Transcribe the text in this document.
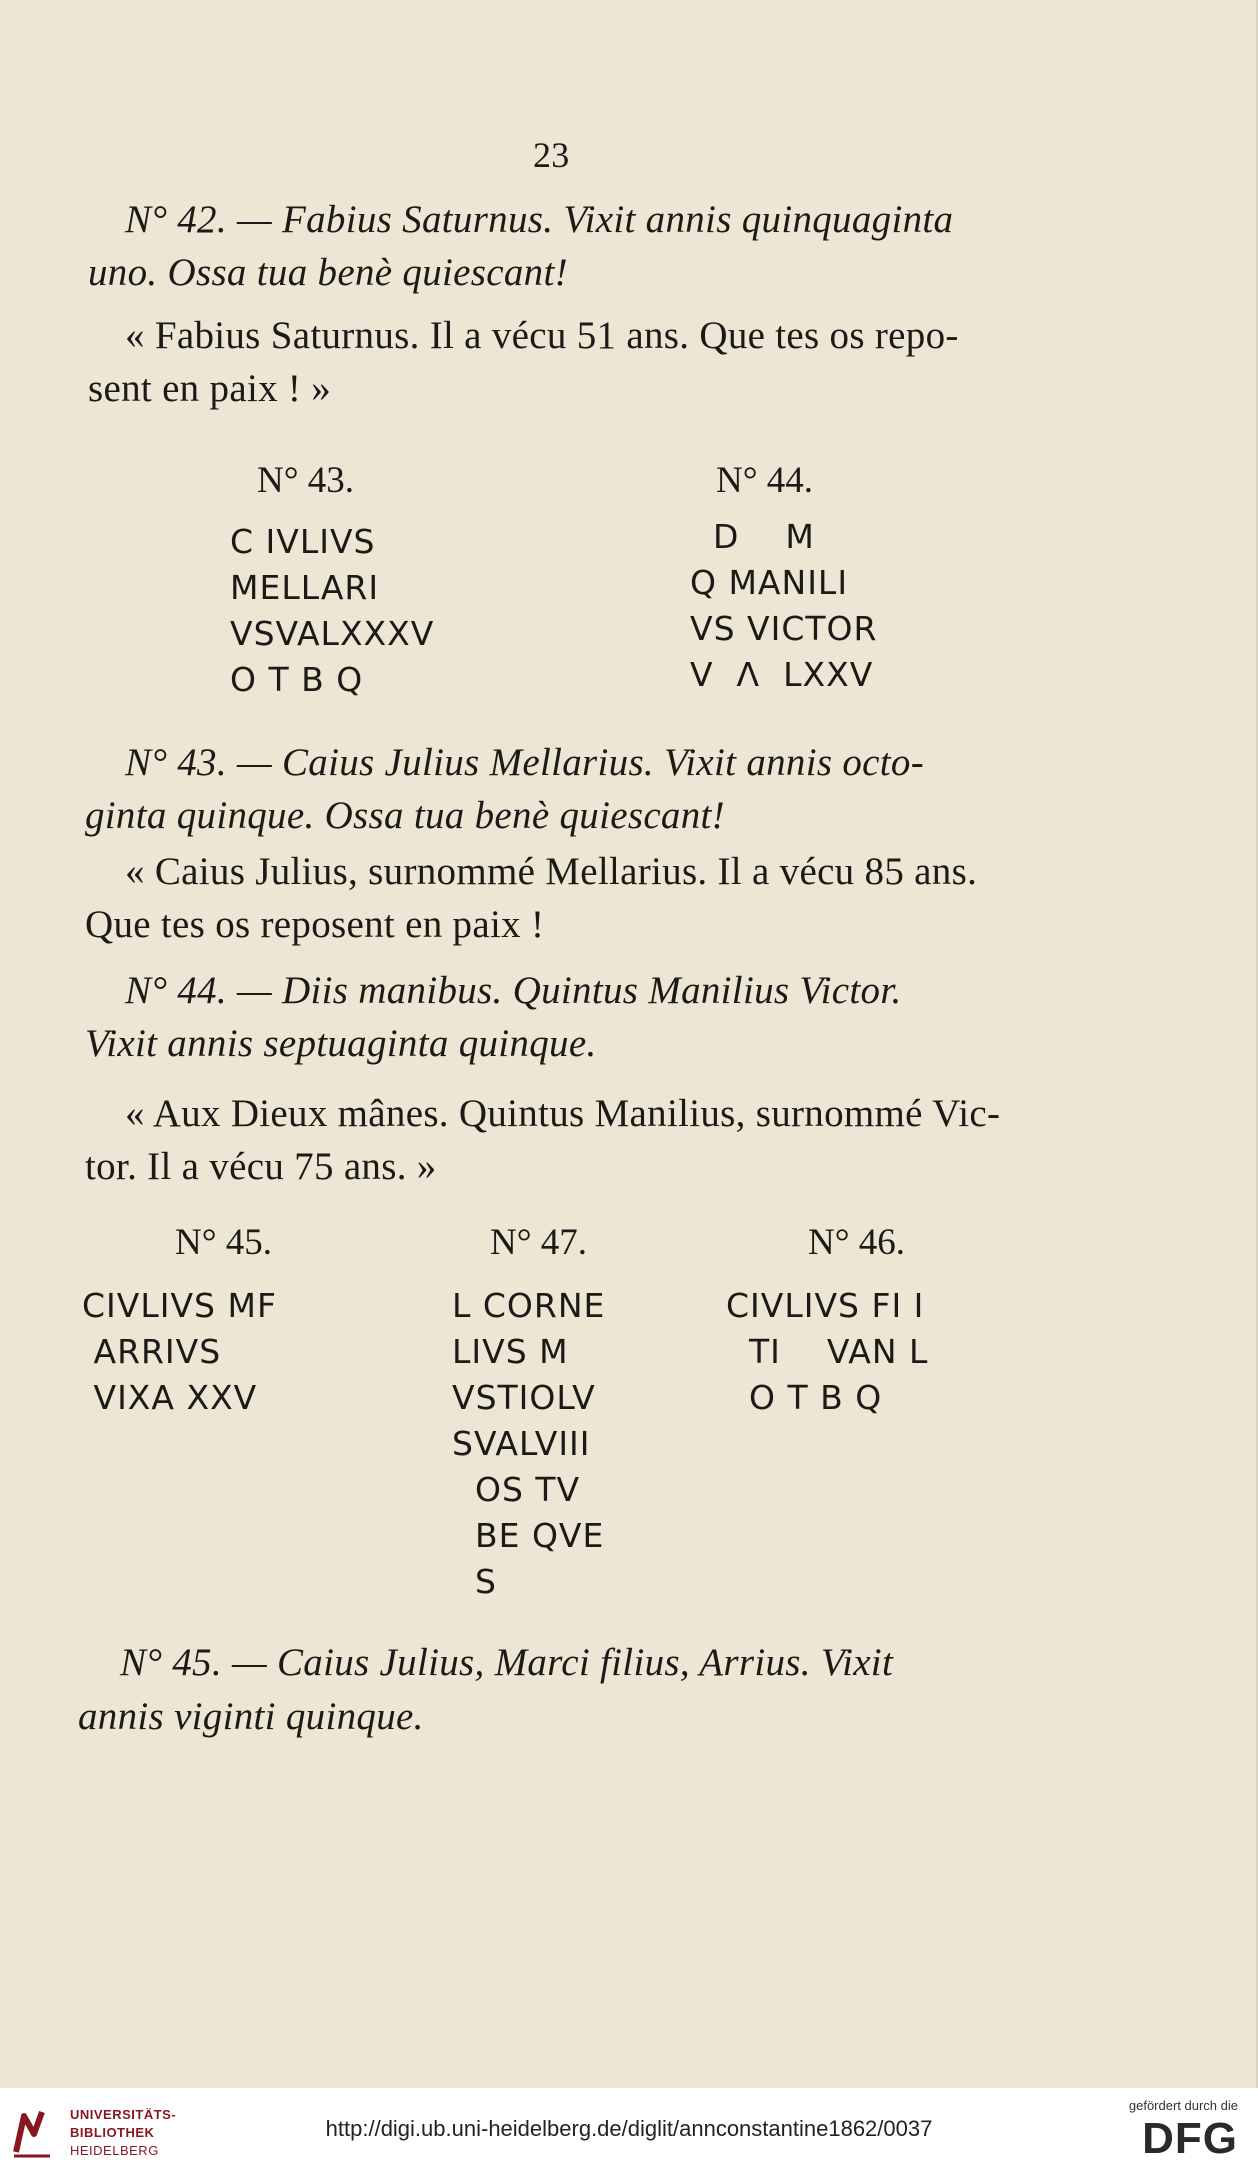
23
N° 42. — Fabius Saturnus. Vixit annis quinquaginta
uno. Ossa tua benè quiescant!
« Fabius Saturnus. Il a vécu 51 ans. Que tes os repo-
sent en paix ! »
N° 43.
C IVLIVS
MELLARI
VSVALXXXV
O T B Q
N° 44.
D    M
Q MANILI
VS VICTOR
V  Λ  LXXV
N° 43. — Caius Julius Mellarius. Vixit annis octo-
ginta quinque. Ossa tua benè quiescant!
« Caius Julius, surnommé Mellarius. Il a vécu 85 ans.
Que tes os reposent en paix !
N° 44. — Diis manibus. Quintus Manilius Victor.
Vixit annis septuaginta quinque.
« Aux Dieux mânes. Quintus Manilius, surnommé Vic-
tor. Il a vécu 75 ans. »
N° 45.
CIVLIVS MF
ARRIVS
VIXA XXV
N° 47.
L CORNE
LIVS M
VSTIOLV
SVALVIII
OS TV
BE QVE
S
N° 46.
CIVLIVS FI I
TI    VAN L
O T B Q
N° 45. — Caius Julius, Marci filius, Arrius. Vixit
annis viginti quinque.
UNIVERSITÄTS-
BIBLIOTHEK
HEIDELBERG
http://digi.ub.uni-heidelberg.de/diglit/annconstantine1862/0037
gefördert durch die
DFG
